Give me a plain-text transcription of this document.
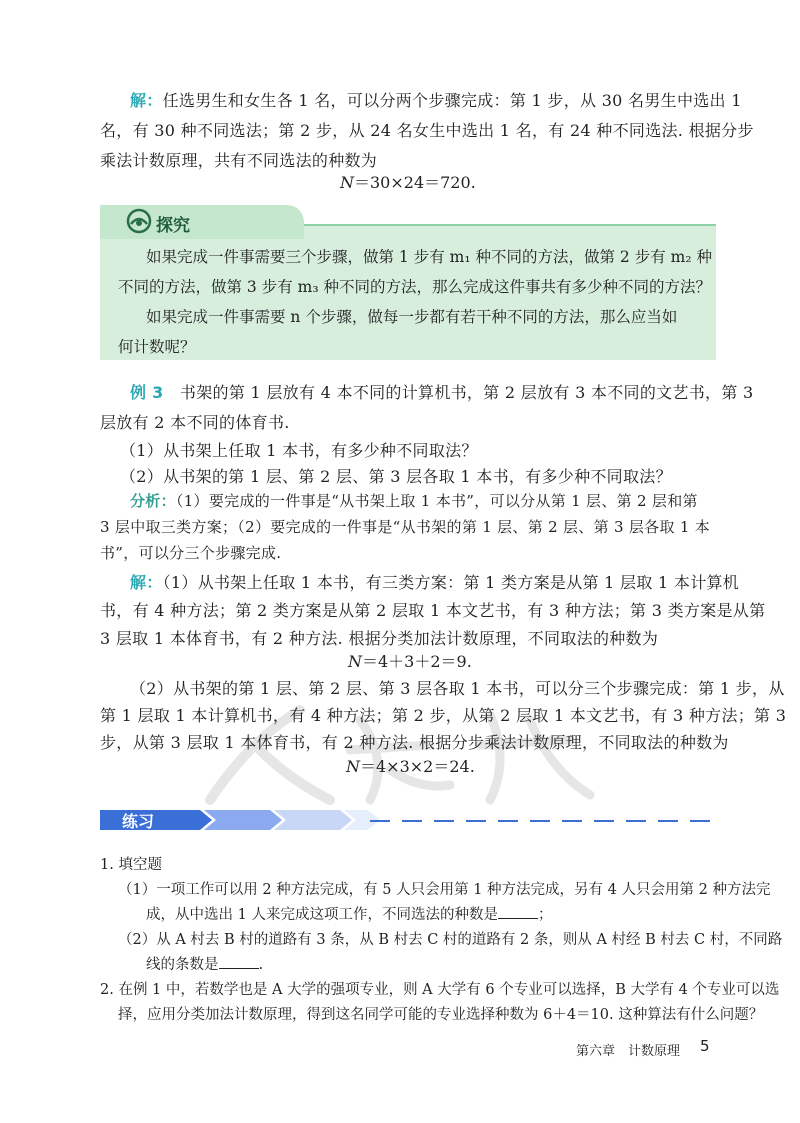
解：任选男生和女生各 1 名，可以分两个步骤完成：第 1 步，从 30 名男生中选出 1
名，有 30 种不同选法；第 2 步，从 24 名女生中选出 1 名，有 24 种不同选法. 根据分步
乘法计数原理，共有不同选法的种数为
N＝30×24＝720.
探究
如果完成一件事需要三个步骤，做第 1 步有 m₁ 种不同的方法，做第 2 步有 m₂ 种
不同的方法，做第 3 步有 m₃ 种不同的方法，那么完成这件事共有多少种不同的方法？
如果完成一件事需要 n 个步骤，做每一步都有若干种不同的方法，那么应当如
何计数呢？
例 3　 书架的第 1 层放有 4 本不同的计算机书，第 2 层放有 3 本不同的文艺书，第 3
层放有 2 本不同的体育书.
（1）从书架上任取 1 本书，有多少种不同取法？
（2）从书架的第 1 层、第 2 层、第 3 层各取 1 本书，有多少种不同取法？
分析：（1）要完成的一件事是“从书架上取 1 本书”，可以分从第 1 层、第 2 层和第
3 层中取三类方案；（2）要完成的一件事是“从书架的第 1 层、第 2 层、第 3 层各取 1 本
书”，可以分三个步骤完成.
解：（1）从书架上任取 1 本书，有三类方案：第 1 类方案是从第 1 层取 1 本计算机
书，有 4 种方法；第 2 类方案是从第 2 层取 1 本文艺书，有 3 种方法；第 3 类方案是从第
3 层取 1 本体育书，有 2 种方法. 根据分类加法计数原理，不同取法的种数为
N＝4＋3＋2＝9.
（2）从书架的第 1 层、第 2 层、第 3 层各取 1 本书，可以分三个步骤完成：第 1 步，从
第 1 层取 1 本计算机书，有 4 种方法；第 2 步，从第 2 层取 1 本文艺书，有 3 种方法；第 3
步，从第 3 层取 1 本体育书，有 2 种方法. 根据分步乘法计数原理，不同取法的种数为
N＝4×3×2＝24.
练习
1. 填空题
（1）一项工作可以用 2 种方法完成，有 5 人只会用第 1 种方法完成，另有 4 人只会用第 2 种方法完
成，从中选出 1 人来完成这项工作，不同选法的种数是	；
（2）从 A 村去 B 村的道路有 3 条，从 B 村去 C 村的道路有 2 条，则从 A 村经 B 村去 C 村，不同路
线的条数是	.
2. 在例 1 中，若数学也是 A 大学的强项专业，则 A 大学有 6 个专业可以选择，B 大学有 4 个专业可以选
择，应用分类加法计数原理，得到这名同学可能的专业选择种数为 6＋4＝10. 这种算法有什么问题？
第六章　计数原理 5
